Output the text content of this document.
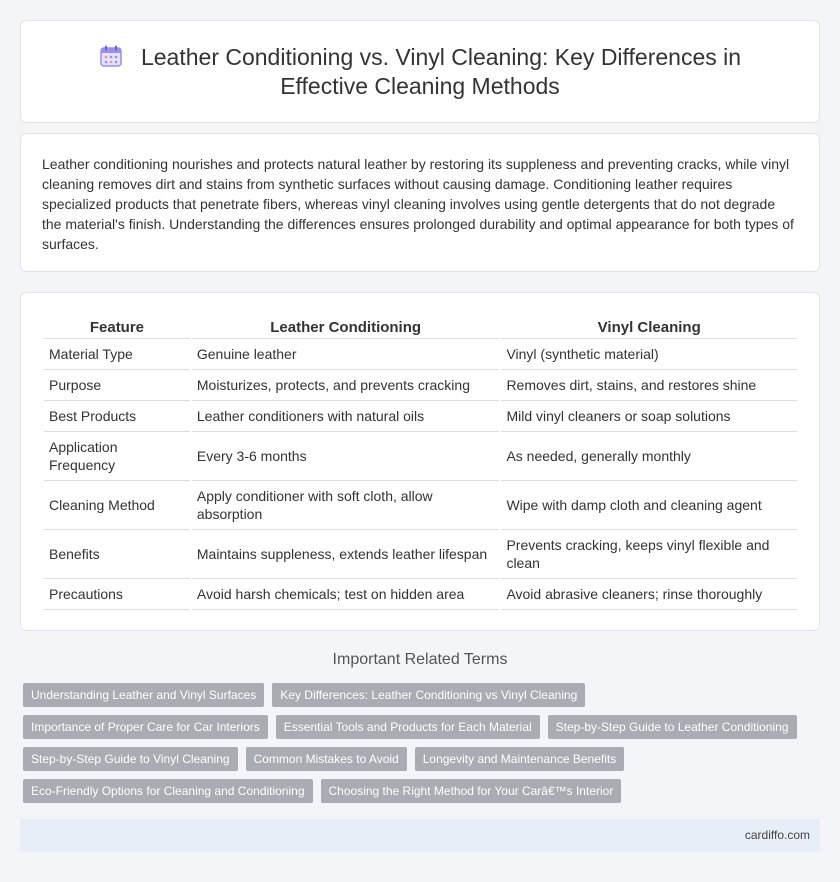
Leather Conditioning vs. Vinyl Cleaning: Key Differences in Effective Cleaning Methods

Leather conditioning nourishes and protects natural leather by restoring its suppleness and preventing cracks, while vinyl cleaning removes dirt and stains from synthetic surfaces without causing damage. Conditioning leather requires specialized products that penetrate fibers, whereas vinyl cleaning involves using gentle detergents that do not degrade the material's finish. Understanding the differences ensures prolonged durability and optimal appearance for both types of surfaces.

Feature	Leather Conditioning	Vinyl Cleaning
Material Type	Genuine leather	Vinyl (synthetic material)
Purpose	Moisturizes, protects, and prevents cracking	Removes dirt, stains, and restores shine
Best Products	Leather conditioners with natural oils	Mild vinyl cleaners or soap solutions
Application Frequency	Every 3-6 months	As needed, generally monthly
Cleaning Method	Apply conditioner with soft cloth, allow absorption	Wipe with damp cloth and cleaning agent
Benefits	Maintains suppleness, extends leather lifespan	Prevents cracking, keeps vinyl flexible and clean
Precautions	Avoid harsh chemicals; test on hidden area	Avoid abrasive cleaners; rinse thoroughly
Important Related Terms
Understanding Leather and Vinyl Surfaces	Key Differences: Leather Conditioning vs Vinyl Cleaning
Importance of Proper Care for Car Interiors	Essential Tools and Products for Each Material	Step-by-Step Guide to Leather Conditioning
Step-by-Step Guide to Vinyl Cleaning	Common Mistakes to Avoid	Longevity and Maintenance Benefits
Eco-Friendly Options for Cleaning and Conditioning	Choosing the Right Method for Your Carâ€™s Interior
cardiffo.com
